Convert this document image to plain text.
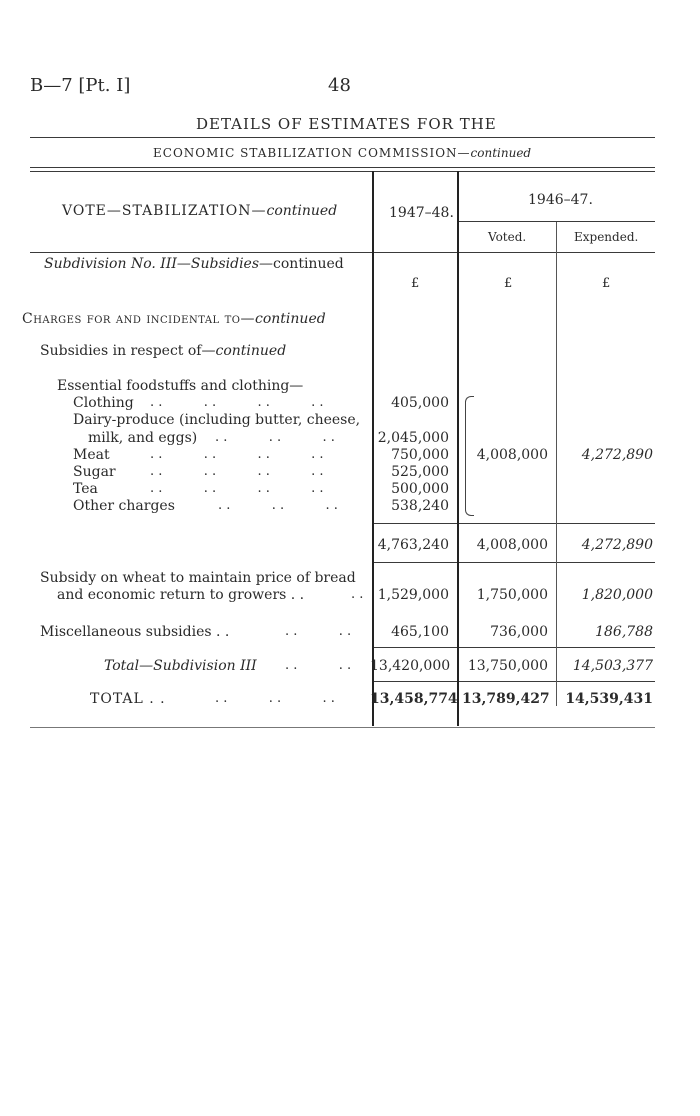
B—7 [Pt. I]	48
DETAILS OF ESTIMATES FOR THE
ECONOMIC STABILIZATION COMMISSION—continued
VOTE—STABILIZATION—continued	1947–48.
1946–47.
Voted.	Expended.
Subdivision No. III—Subsidies—continued
£	£	£
Charges for and incidental to—continued
Subsidies in respect of—continued
Essential foodstuffs and clothing—
Clothing . .          . .          . .          . .	405,000
Dairy-produce (including butter, cheese,
milk, and eggs) . .          . .          . .	2,045,000
Meat	. .          . .          . .          . .	750,000
Sugar	. .          . .          . .          . .	525,000
Tea	. .          . .          . .          . .	500,000
Other charges	. .          . .          . .	538,240
4,008,000	4,272,890
4,763,240	4,008,000	4,272,890
Subsidy on wheat to maintain price of bread
and economic return to growers . .	. .	1,529,000	1,750,000	1,820,000
Miscellaneous subsidies . .	. .          . .	465,100	736,000	186,788
Total—Subdivision III . .          . . 13,420,000	13,750,000	14,503,377
TOTAL . .	. .          . .          . .	13,458,774 13,789,427	14,539,431
